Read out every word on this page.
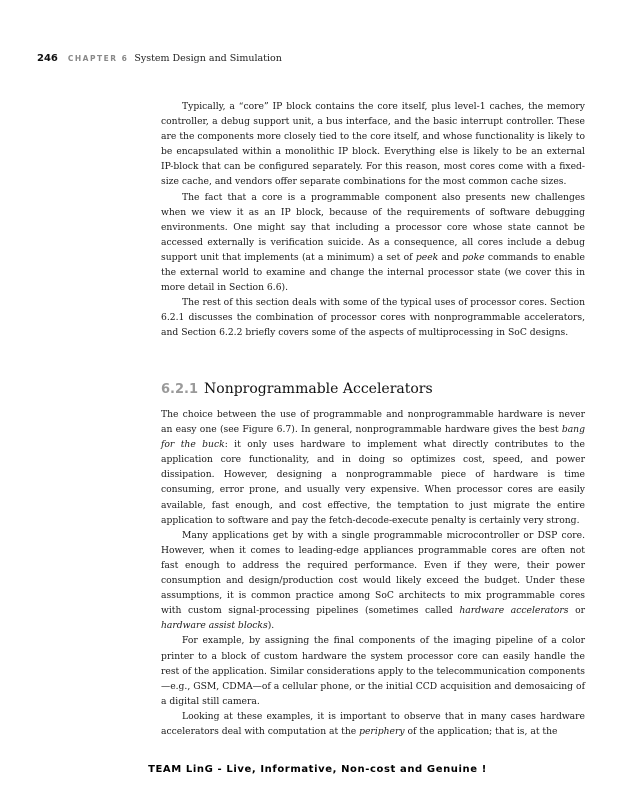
246 CHAPTER 6 System Design and Simulation

Typically, a “core” IP block contains the core itself, plus level-1 caches, the memory controller, a debug support unit, a bus interface, and the basic interrupt controller. These are the components more closely tied to the core itself, and whose functionality is likely to be encapsulated within a monolithic IP block. Everything else is likely to be an external IP-block that can be configured separately. For this reason, most cores come with a fixed-size cache, and vendors offer separate combinations for the most common cache sizes.

The fact that a core is a programmable component also presents new challenges when we view it as an IP block, because of the requirements of software debugging environments. One might say that including a processor core whose state cannot be accessed externally is verification suicide. As a consequence, all cores include a debug support unit that implements (at a minimum) a set of peek and poke commands to enable the external world to examine and change the internal processor state (we cover this in more detail in Section 6.6).

The rest of this section deals with some of the typical uses of processor cores. Section 6.2.1 discusses the combination of processor cores with nonprogrammable accelerators, and Section 6.2.2 briefly covers some of the aspects of multiprocessing in SoC designs.

6.2.1 Nonprogrammable Accelerators

The choice between the use of programmable and nonprogrammable hardware is never an easy one (see Figure 6.7). In general, nonprogrammable hardware gives the best bang for the buck: it only uses hardware to implement what directly contributes to the application core functionality, and in doing so optimizes cost, speed, and power dissipation. However, designing a nonprogrammable piece of hardware is time consuming, error prone, and usually very expensive. When processor cores are easily available, fast enough, and cost effective, the temptation to just migrate the entire application to software and pay the fetch-decode-execute penalty is certainly very strong.

Many applications get by with a single programmable microcontroller or DSP core. However, when it comes to leading-edge appliances programmable cores are often not fast enough to address the required performance. Even if they were, their power consumption and design/production cost would likely exceed the budget. Under these assumptions, it is common practice among SoC architects to mix programmable cores with custom signal-processing pipelines (sometimes called hardware accelerators or hardware assist blocks).

For example, by assigning the final components of the imaging pipeline of a color printer to a block of custom hardware the system processor core can easily handle the rest of the application. Similar considerations apply to the telecommunication components—e.g., GSM, CDMA—of a cellular phone, or the initial CCD acquisition and demosaicing of a digital still camera.

Looking at these examples, it is important to observe that in many cases hardware accelerators deal with computation at the periphery of the application; that is, at the

TEAM LinG - Live, Informative, Non-cost and Genuine !
